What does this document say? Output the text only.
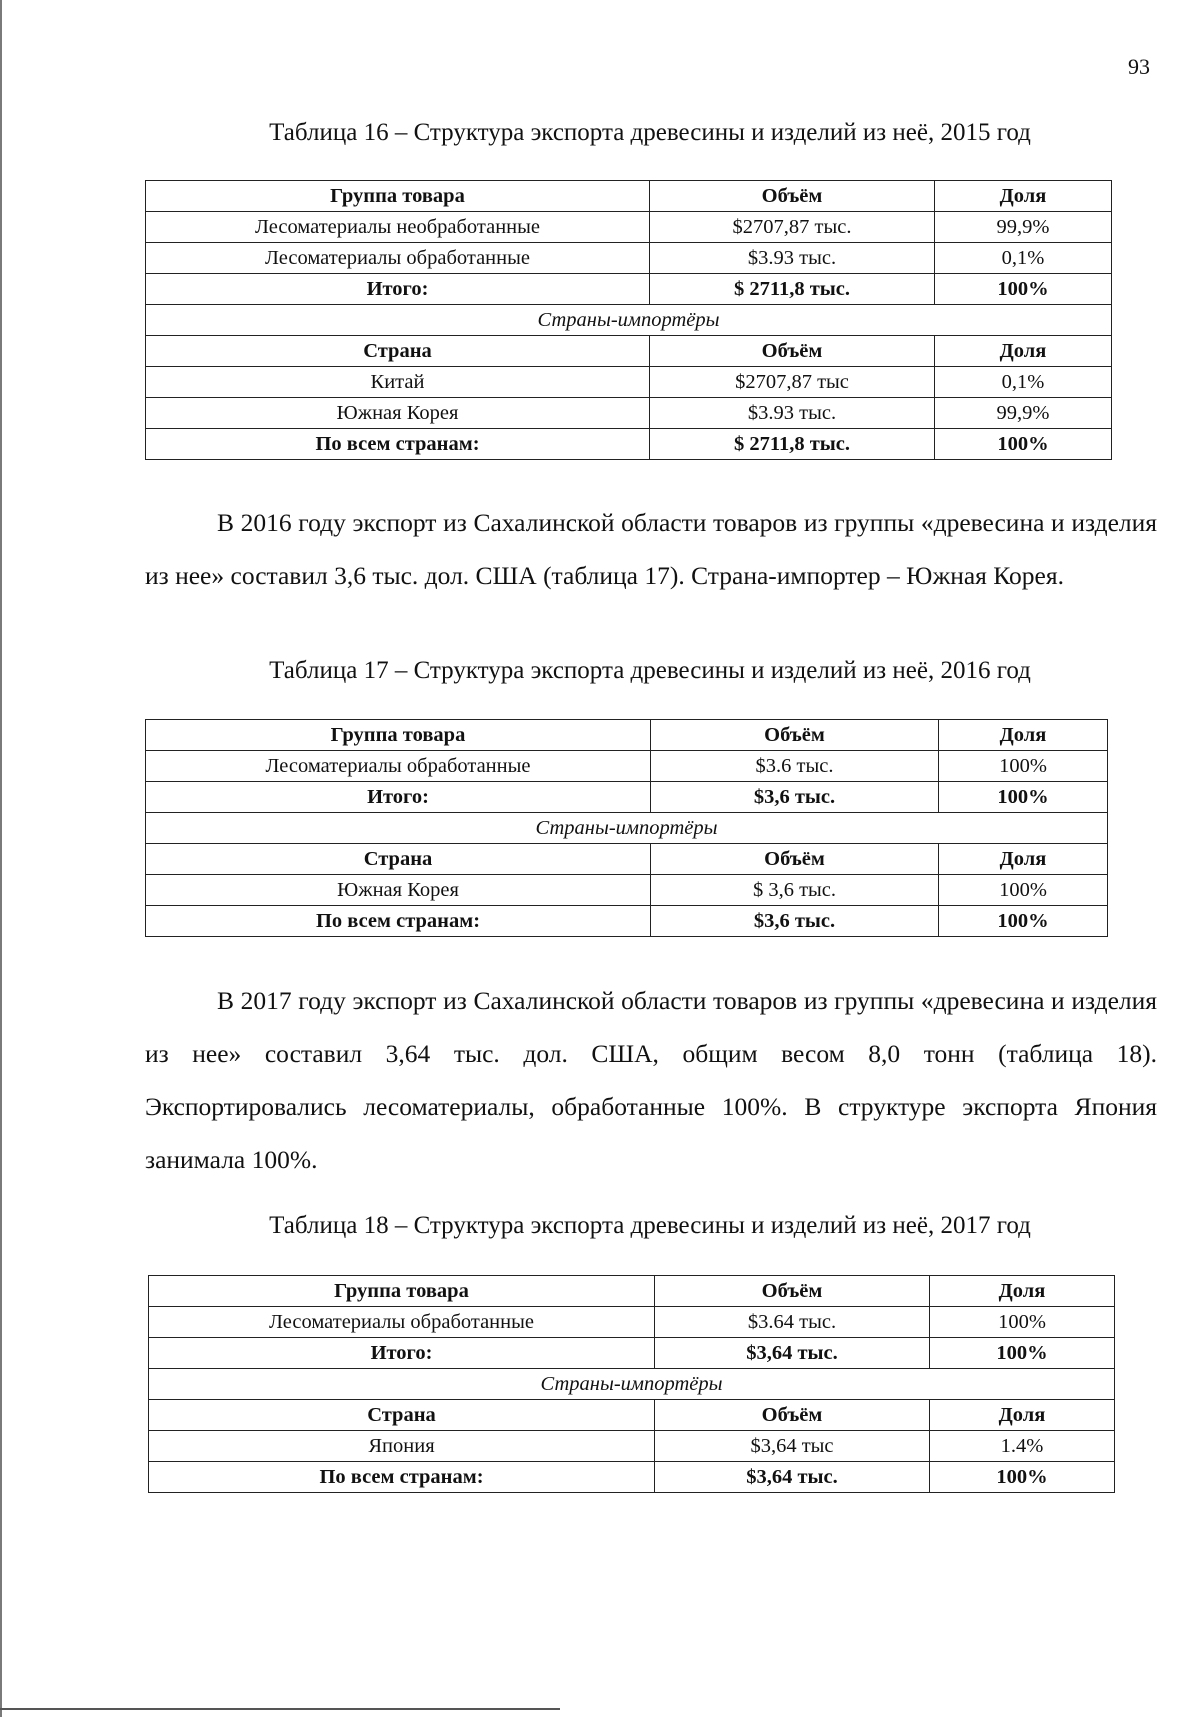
93
Таблица 16 – Структура экспорта древесины и изделий из неё, 2015 год
Группа товара	Объём	Доля
Лесоматериалы необработанные	$2707,87 тыс.	99,9%
Лесоматериалы обработанные	$3.93 тыс.	0,1%
Итого:	$ 2711,8 тыс.	100%
Страны-импортёры		
Страна	Объём	Доля
Китай	$2707,87 тыс	0,1%
Южная Корея	$3.93 тыс.	99,9%
По всем странам:	$ 2711,8 тыс.	100%

В 2016 году экспорт из Сахалинской области товаров из группы «древесина и изделия из нее» составил 3,6 тыс. дол. США (таблица 17). Страна-импортер – Южная Корея.

Таблица 17 – Структура экспорта древесины и изделий из неё, 2016 год
Группа товара	Объём	Доля
Лесоматериалы обработанные	$3.6 тыс.	100%
Итого:	$3,6 тыс.	100%
Страны-импортёры		
Страна	Объём	Доля
Южная Корея	$ 3,6 тыс.	100%
По всем странам:	$3,6 тыс.	100%

В 2017 году экспорт из Сахалинской области товаров из группы «древесина и изделия из нее» составил 3,64 тыс. дол. США, общим весом 8,0 тонн (таблица 18). Экспортировались лесоматериалы, обработанные 100%. В структуре экспорта Япония занимала 100%.

Таблица 18 – Структура экспорта древесины и изделий из неё, 2017 год
Группа товара	Объём	Доля
Лесоматериалы обработанные	$3.64 тыс.	100%
Итого:	$3,64 тыс.	100%
Страны-импортёры		
Страна	Объём	Доля
Япония	$3,64 тыс	1.4%
По всем странам:	$3,64 тыс.	100%
